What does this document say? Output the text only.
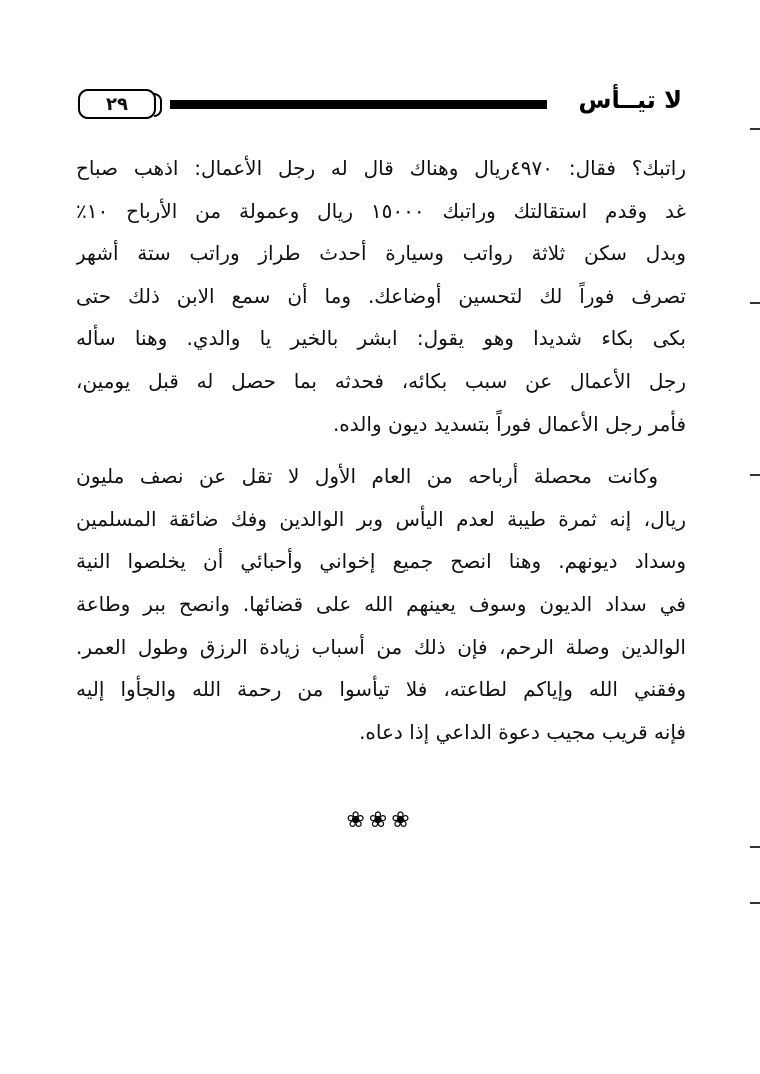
لا تيــأس
٢٩
راتبك؟ فقال: ٤٩٧٠ريال وهناك قال له رجل الأعمال: اذهب صباح
غد وقدم استقالتك وراتبك ١٥٠٠٠ ريال وعمولة من الأرباح ١٠٪
وبدل سكن ثلاثة رواتب وسيارة أحدث طراز وراتب ستة أشهر
تصرف فوراً لك لتحسين أوضاعك. وما أن سمع الابن ذلك حتى
بكى بكاء شديدا وهو يقول: ابشر بالخير يا والدي. وهنا سأله
رجل الأعمال عن سبب بكائه، فحدثه بما حصل له قبل يومين،
فأمر رجل الأعمال فوراً بتسديد ديون والده.
وكانت محصلة أرباحه من العام الأول لا تقل عن نصف مليون
ريال، إنه ثمرة طيبة لعدم اليأس وبر الوالدين وفك ضائقة المسلمين
وسداد ديونهم. وهنا انصح جميع إخواني وأحبائي أن يخلصوا النية
في سداد الديون وسوف يعينهم الله على قضائها. وانصح ببر وطاعة
الوالدين وصلة الرحم، فإن ذلك من أسباب زيادة الرزق وطول العمر.
وفقني الله وإياكم لطاعته، فلا تيأسوا من رحمة الله والجأوا إليه
فإنه قريب مجيب دعوة الداعي إذا دعاه.
❀❀❀
